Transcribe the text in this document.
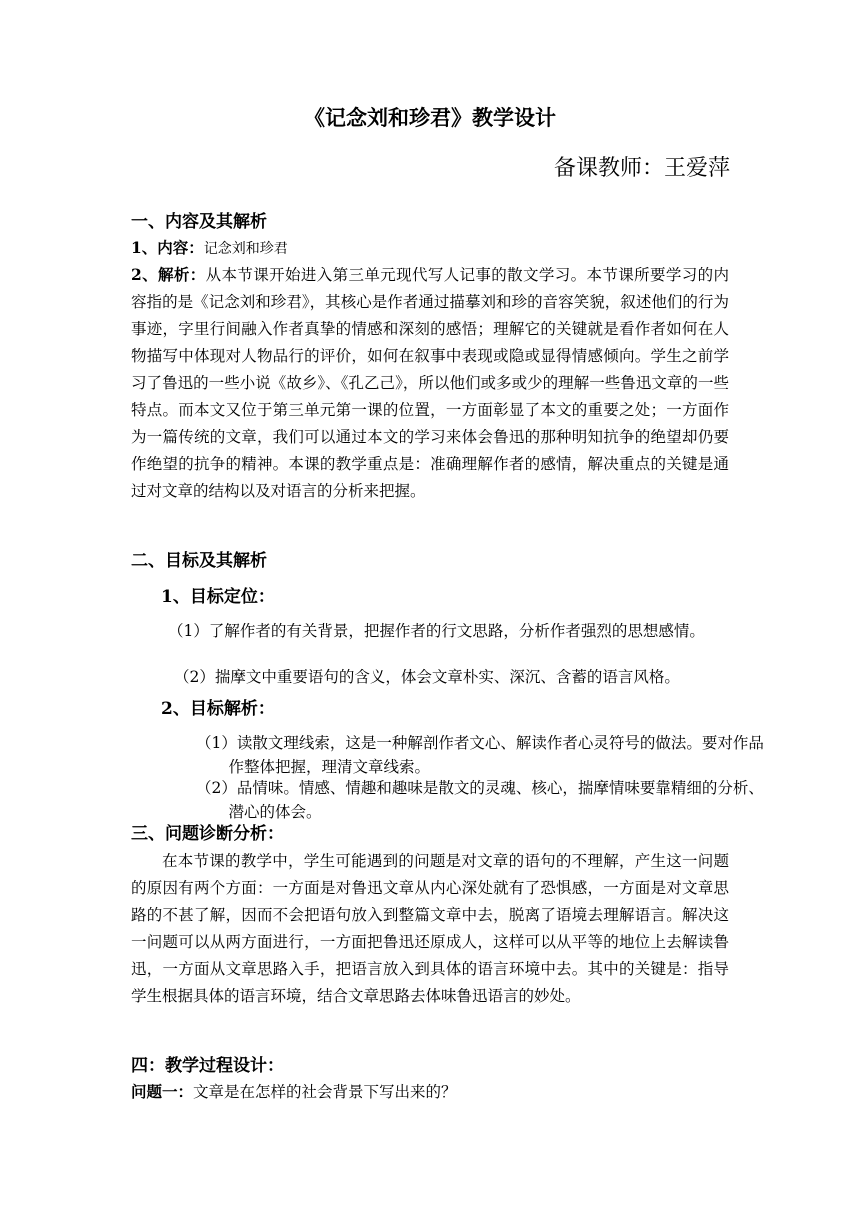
《记念刘和珍君》教学设计
备课教师：王爱萍
一、内容及其解析
1、内容：记念刘和珍君
2、解析：从本节课开始进入第三单元现代写人记事的散文学习。本节课所要学习的内容指的是《记念刘和珍君》，其核心是作者通过描摹刘和珍的音容笑貌，叙述他们的行为事迹，字里行间融入作者真挚的情感和深刻的感悟；理解它的关键就是看作者如何在人物描写中体现对人物品行的评价，如何在叙事中表现或隐或显得情感倾向。学生之前学习了鲁迅的一些小说《故乡》、《孔乙己》，所以他们或多或少的理解一些鲁迅文章的一些特点。而本文又位于第三单元第一课的位置，一方面彰显了本文的重要之处；一方面作为一篇传统的文章，我们可以通过本文的学习来体会鲁迅的那种明知抗争的绝望却仍要作绝望的抗争的精神。本课的教学重点是：准确理解作者的感情，解决重点的关键是通过对文章的结构以及对语言的分析来把握。
二、目标及其解析
1、目标定位：
（1）了解作者的有关背景，把握作者的行文思路，分析作者强烈的思想感情。
（2）揣摩文中重要语句的含义，体会文章朴实、深沉、含蓄的语言风格。
2、目标解析：
（1）读散文理线索，这是一种解剖作者文心、解读作者心灵符号的做法。要对作品作整体把握，理清文章线索。
（2）品情味。情感、情趣和趣味是散文的灵魂、核心，揣摩情味要靠精细的分析、潜心的体会。
三、问题诊断分析：
在本节课的教学中，学生可能遇到的问题是对文章的语句的不理解，产生这一问题的原因有两个方面：一方面是对鲁迅文章从内心深处就有了恐惧感，一方面是对文章思路的不甚了解，因而不会把语句放入到整篇文章中去，脱离了语境去理解语言。解决这一问题可以从两方面进行，一方面把鲁迅还原成人，这样可以从平等的地位上去解读鲁迅，一方面从文章思路入手，把语言放入到具体的语言环境中去。其中的关键是：指导学生根据具体的语言环境，结合文章思路去体味鲁迅语言的妙处。
四：教学过程设计：
问题一：文章是在怎样的社会背景下写出来的？
